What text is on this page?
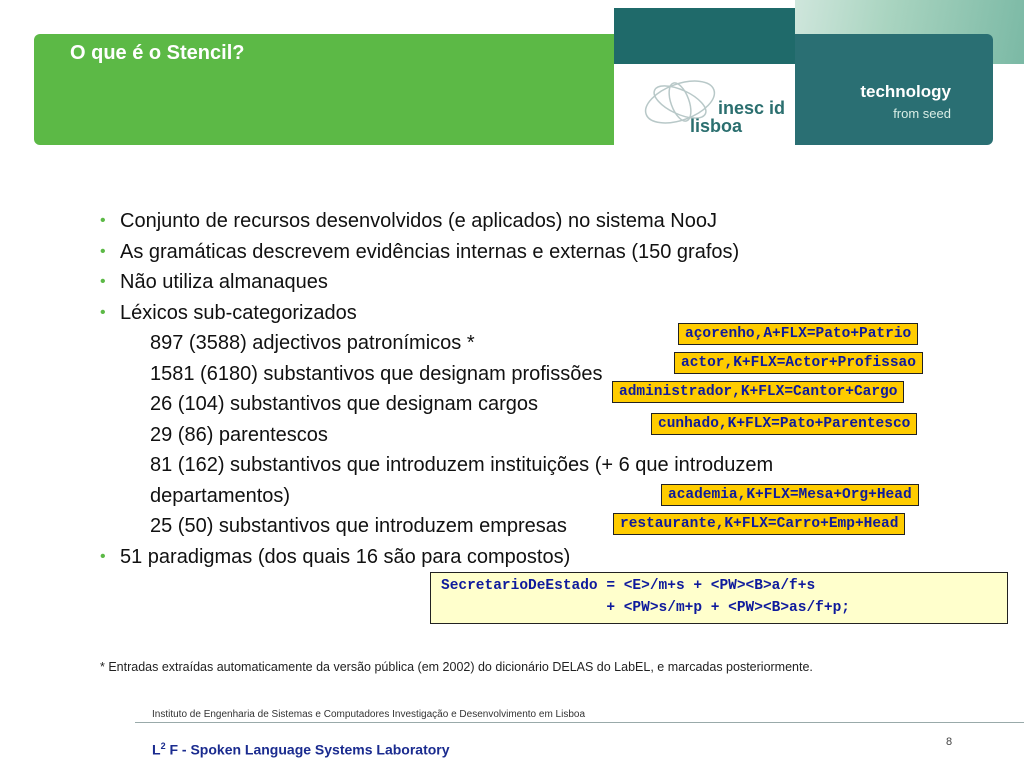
O que é o Stencil?
technology
from seed
inesc id
lisboa
• Conjunto de recursos desenvolvidos (e aplicados) no sistema NooJ
• As gramáticas descrevem evidências internas e externas (150 grafos)
• Não utiliza almanaques
• Léxicos sub-categorizados
897 (3588) adjectivos patronímicos *
1581 (6180) substantivos que designam profissões
26 (104) substantivos que designam cargos
29 (86) parentescos
81 (162) substantivos que introduzem instituições (+ 6 que introduzem
departamentos)
25 (50) substantivos que introduzem empresas
• 51 paradigmas (dos quais 16 são para compostos)
açorenho,A+FLX=Pato+Patrio
actor,K+FLX=Actor+Profissao
administrador,K+FLX=Cantor+Cargo
cunhado,K+FLX=Pato+Parentesco
academia,K+FLX=Mesa+Org+Head
restaurante,K+FLX=Carro+Emp+Head
SecretarioDeEstado = <E>/m+s + <PW><B>a/f+s
+ <PW>s/m+p + <PW><B>as/f+p;
* Entradas extraídas automaticamente da versão pública (em 2002) do dicionário DELAS do LabEL, e marcadas posteriormente.
Instituto de Engenharia de Sistemas e Computadores Investigação e Desenvolvimento em Lisboa
$L^2$ F - Spoken Language Systems Laboratory	8
